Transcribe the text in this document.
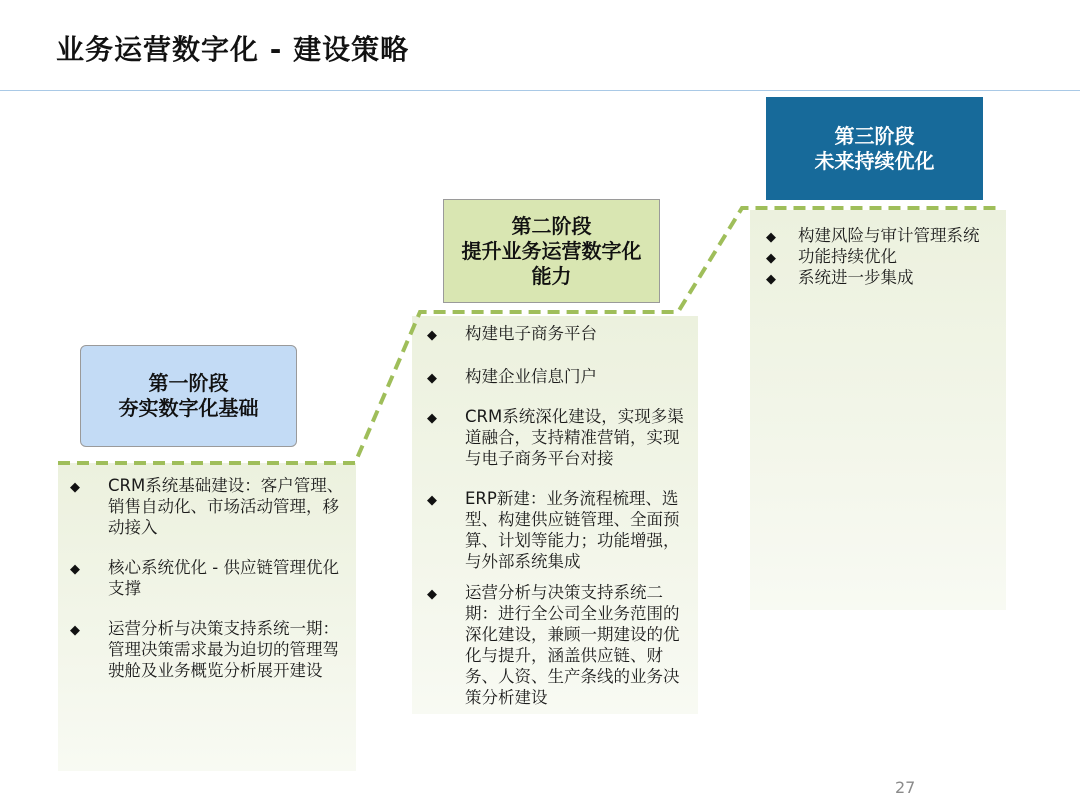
业务运营数字化 - 建设策略
第一阶段
夯实数字化基础
第二阶段
提升业务运营数字化能力
第三阶段
未来持续优化
◆ CRM系统基础建设：客户管理、销售自动化、市场活动管理，移动接入
◆ 核心系统优化 - 供应链管理优化支撑
◆ 运营分析与决策支持系统一期：管理决策需求最为迫切的管理驾驶舱及业务概览分析展开建设
◆ 构建电子商务平台
◆ 构建企业信息门户
◆ CRM系统深化建设，实现多渠道融合，支持精准营销，实现与电子商务平台对接
◆ ERP新建：业务流程梳理、选型、构建供应链管理、全面预算、计划等能力；功能增强，与外部系统集成
◆ 运营分析与决策支持系统二期：进行全公司全业务范围的深化建设，兼顾一期建设的优化与提升，涵盖供应链、财务、人资、生产条线的业务决策分析建设
◆ 构建风险与审计管理系统
◆ 功能持续优化
◆ 系统进一步集成
27
